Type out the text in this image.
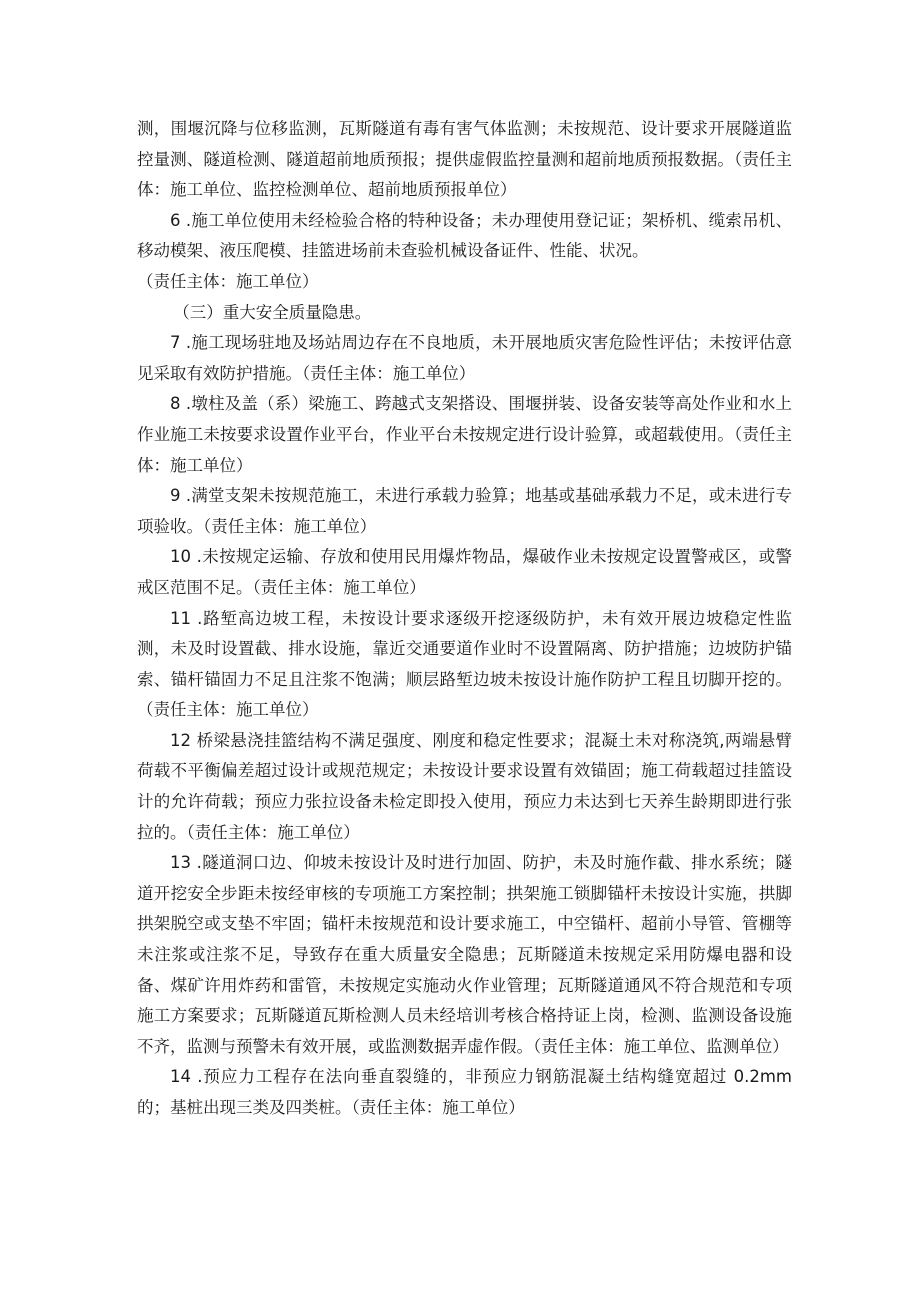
测，围堰沉降与位移监测，瓦斯隧道有毒有害气体监测；未按规范、设计要求开展隧道监控量测、隧道检测、隧道超前地质预报；提供虚假监控量测和超前地质预报数据。（责任主体：施工单位、监控检测单位、超前地质预报单位）

6 .施工单位使用未经检验合格的特种设备；未办理使用登记证；架桥机、缆索吊机、移动模架、液压爬模、挂篮进场前未查验机械设备证件、性能、状况。

（责任主体：施工单位）

（三）重大安全质量隐患。

7 .施工现场驻地及场站周边存在不良地质，未开展地质灾害危险性评估；未按评估意见采取有效防护措施。（责任主体：施工单位）

8 .墩柱及盖（系）梁施工、跨越式支架搭设、围堰拼装、设备安装等高处作业和水上作业施工未按要求设置作业平台，作业平台未按规定进行设计验算，或超载使用。（责任主体：施工单位）

9 .满堂支架未按规范施工，未进行承载力验算；地基或基础承载力不足，或未进行专项验收。（责任主体：施工单位）

10 .未按规定运输、存放和使用民用爆炸物品，爆破作业未按规定设置警戒区，或警戒区范围不足。（责任主体：施工单位）

11 .路堑高边坡工程，未按设计要求逐级开挖逐级防护，未有效开展边坡稳定性监测，未及时设置截、排水设施，靠近交通要道作业时不设置隔离、防护措施；边坡防护锚索、锚杆锚固力不足且注浆不饱满；顺层路堑边坡未按设计施作防护工程且切脚开挖的。（责任主体：施工单位）

12 桥梁悬浇挂篮结构不满足强度、刚度和稳定性要求；混凝土未对称浇筑,两端悬臂荷载不平衡偏差超过设计或规范规定；未按设计要求设置有效锚固；施工荷载超过挂篮设计的允许荷载；预应力张拉设备未检定即投入使用，预应力未达到七天养生龄期即进行张拉的。（责任主体：施工单位）

13 .隧道洞口边、仰坡未按设计及时进行加固、防护，未及时施作截、排水系统；隧道开挖安全步距未按经审核的专项施工方案控制；拱架施工锁脚锚杆未按设计实施，拱脚拱架脱空或支垫不牢固；锚杆未按规范和设计要求施工，中空锚杆、超前小导管、管棚等未注浆或注浆不足，导致存在重大质量安全隐患；瓦斯隧道未按规定采用防爆电器和设备、煤矿许用炸药和雷管，未按规定实施动火作业管理；瓦斯隧道通风不符合规范和专项施工方案要求；瓦斯隧道瓦斯检测人员未经培训考核合格持证上岗，检测、监测设备设施不齐，监测与预警未有效开展，或监测数据弄虚作假。（责任主体：施工单位、监测单位）

14 .预应力工程存在法向垂直裂缝的，非预应力钢筋混凝土结构缝宽超过 0.2mm 的；基桩出现三类及四类桩。（责任主体：施工单位）
